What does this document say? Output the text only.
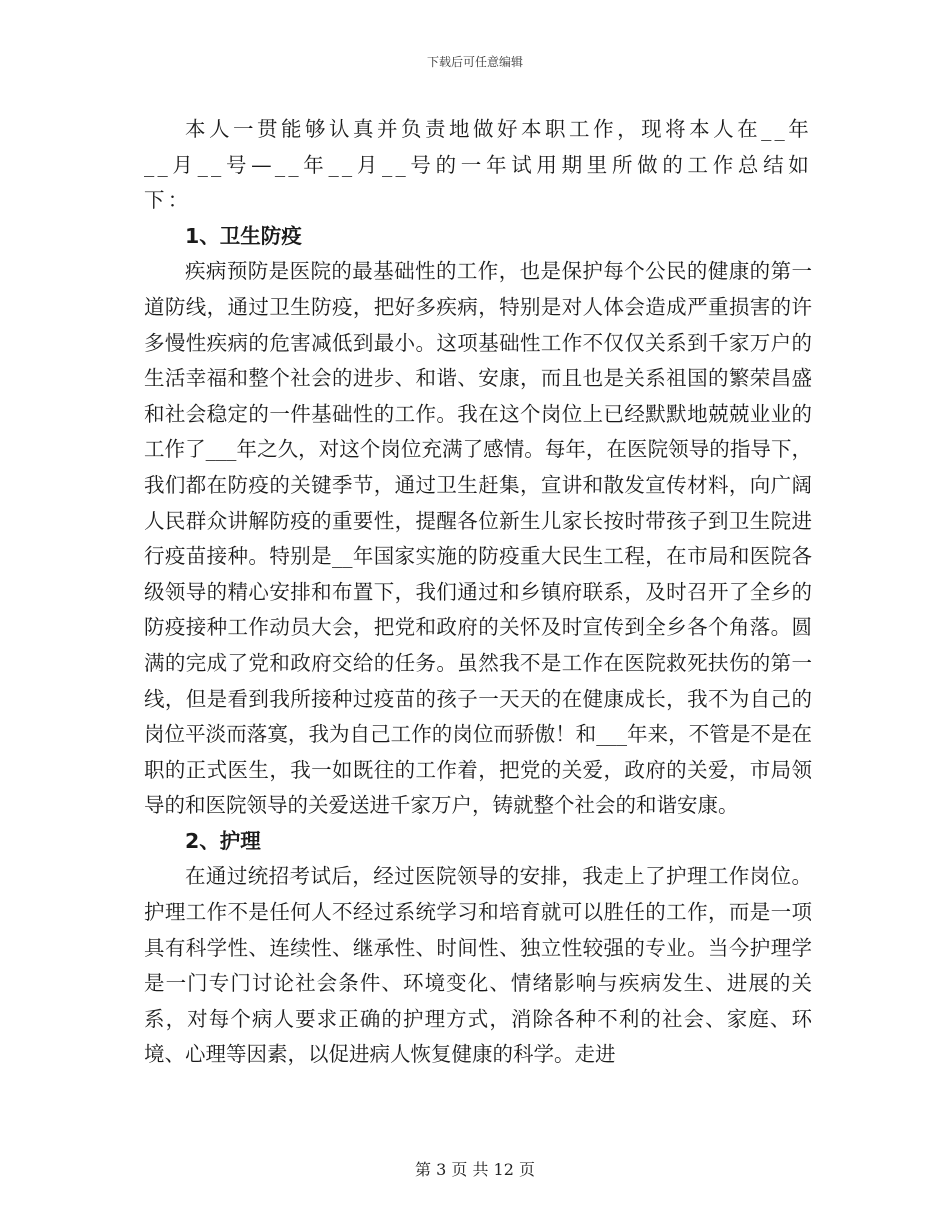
下载后可任意编辑

本人一贯能够认真并负责地做好本职工作，现将本人在__年__月__号—__年__月__号的一年试用期里所做的工作总结如下：

1、卫生防疫

疾病预防是医院的最基础性的工作，也是保护每个公民的健康的第一道防线，通过卫生防疫，把好多疾病，特别是对人体会造成严重损害的许多慢性疾病的危害减低到最小。这项基础性工作不仅仅关系到千家万户的生活幸福和整个社会的进步、和谐、安康，而且也是关系祖国的繁荣昌盛和社会稳定的一件基础性的工作。我在这个岗位上已经默默地兢兢业业的工作了___年之久，对这个岗位充满了感情。每年，在医院领导的指导下，我们都在防疫的关键季节，通过卫生赶集，宣讲和散发宣传材料，向广阔人民群众讲解防疫的重要性，提醒各位新生儿家长按时带孩子到卫生院进行疫苗接种。特别是__年国家实施的防疫重大民生工程，在市局和医院各级领导的精心安排和布置下，我们通过和乡镇府联系，及时召开了全乡的防疫接种工作动员大会，把党和政府的关怀及时宣传到全乡各个角落。圆满的完成了党和政府交给的任务。虽然我不是工作在医院救死扶伤的第一线，但是看到我所接种过疫苗的孩子一天天的在健康成长，我不为自己的岗位平淡而落寞，我为自己工作的岗位而骄傲！和___年来，不管是不是在职的正式医生，我一如既往的工作着，把党的关爱，政府的关爱，市局领导的和医院领导的关爱送进千家万户，铸就整个社会的和谐安康。

2、护理

在通过统招考试后，经过医院领导的安排，我走上了护理工作岗位。护理工作不是任何人不经过系统学习和培育就可以胜任的工作，而是一项具有科学性、连续性、继承性、时间性、独立性较强的专业。当今护理学是一门专门讨论社会条件、环境变化、情绪影响与疾病发生、进展的关系，对每个病人要求正确的护理方式，消除各种不利的社会、家庭、环境、心理等因素，以促进病人恢复健康的科学。走进

第 3 页 共 12 页
